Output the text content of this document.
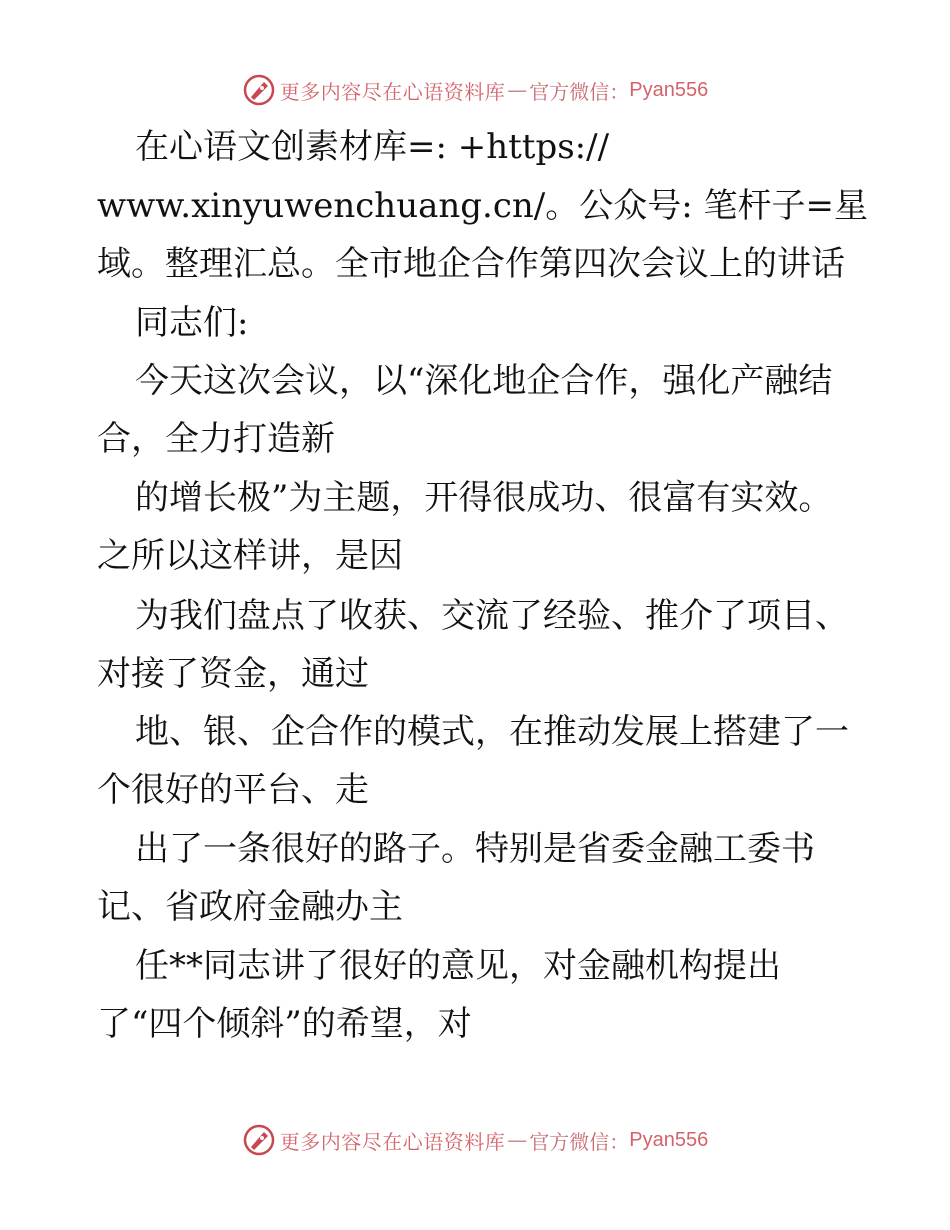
更多内容尽在心语资料库 — 官方微信： Pyan556
在心语文创素材库=: +https://
www.xinyuwenchuang.cn/。公众号: 笔杆子=星
域。整理汇总。全市地企合作第四次会议上的讲话
同志们:
今天这次会议，以“深化地企合作，强化产融结
合，全力打造新
的增长极”为主题，开得很成功、很富有实效。
之所以这样讲，是因
为我们盘点了收获、交流了经验、推介了项目、
对接了资金，通过
地、银、企合作的模式，在推动发展上搭建了一
个很好的平台、走
出了一条很好的路子。特别是省委金融工委书
记、省政府金融办主
任**同志讲了很好的意见，对金融机构提出
了“四个倾斜”的希望，对
更多内容尽在心语资料库 — 官方微信： Pyan556
